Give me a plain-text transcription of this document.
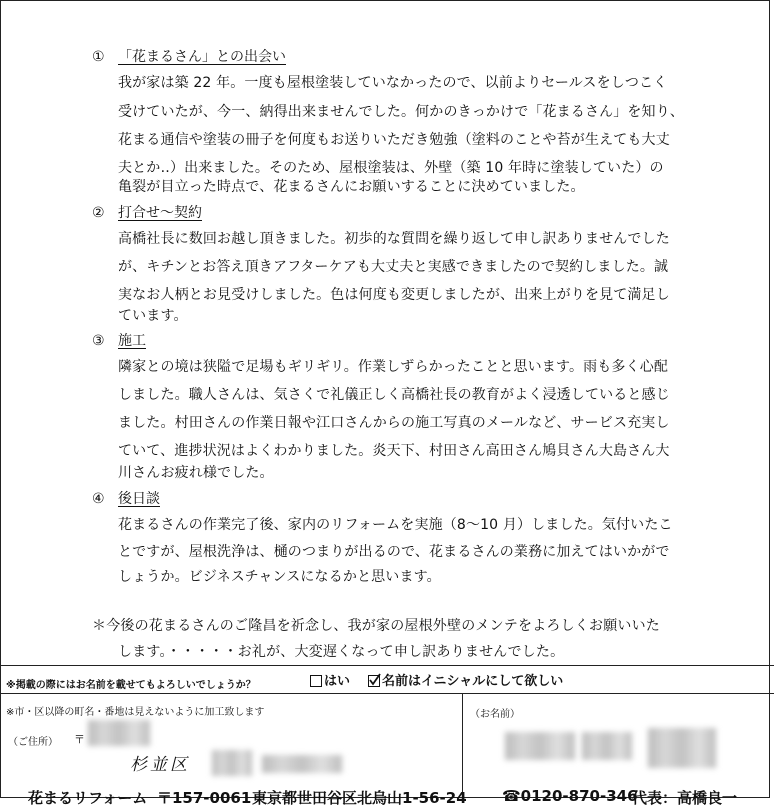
① 「花まるさん」との出会い
我が家は築 22 年。一度も屋根塗装していなかったので、以前よりセールスをしつこく
受けていたが、今一、納得出来ませんでした。何かのきっかけで「花まるさん」を知り、
花まる通信や塗装の冊子を何度もお送りいただき勉強（塗料のことや苔が生えても大丈
夫とか‥）出来ました。そのため、屋根塗装は、外壁（築 10 年時に塗装していた）の
亀裂が目立った時点で、花まるさんにお願いすることに決めていました。
② 打合せ～契約
高橋社長に数回お越し頂きました。初歩的な質問を繰り返して申し訳ありませんでした
が、キチンとお答え頂きアフターケアも大丈夫と実感できましたので契約しました。誠
実なお人柄とお見受けしました。色は何度も変更しましたが、出来上がりを見て満足し
ています。
③ 施工
隣家との境は狭隘で足場もギリギリ。作業しずらかったことと思います。雨も多く心配
しました。職人さんは、気さくで礼儀正しく高橋社長の教育がよく浸透していると感じ
ました。村田さんの作業日報や江口さんからの施工写真のメールなど、サービス充実し
ていて、進捗状況はよくわかりました。炎天下、村田さん高田さん鳩貝さん大島さん大
川さんお疲れ様でした。
④ 後日談
花まるさんの作業完了後、家内のリフォームを実施（8～10 月）しました。気付いたこ
とですが、屋根洗浄は、樋のつまりが出るので、花まるさんの業務に加えてはいかがで
しょうか。ビジネスチャンスになるかと思います。
＊今後の花まるさんのご隆昌を祈念し、我が家の屋根外壁のメンテをよろしくお願いいた
します。・・・・・お礼が、大変遅くなって申し訳ありませんでした。
※掲載の際にはお名前を載せてもよろしいでしょうか？	はい	名前はイニシャルにして欲しい
※市・区以降の町名・番地は見えないように加工致します
（ご住所） 〒
杉並区
（お名前）
花まるリフォーム 〒157-0061 東京都世田谷区北烏山1-56-24 ☎0120-870-346
代表：高橋良一
